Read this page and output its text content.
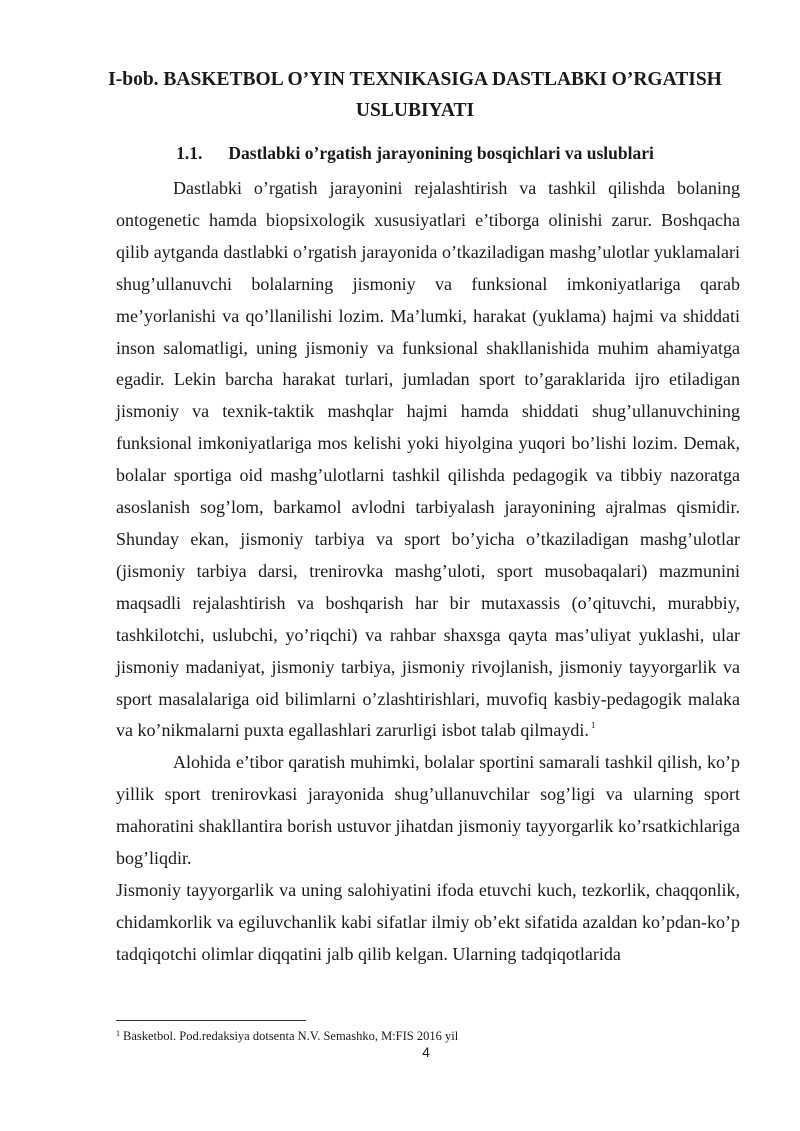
I-bob. BASKETBOL O’YIN TEXNIKASIGA DASTLABKI O’RGATISH
USLUBIYATI
1.1. Dastlabki o’rgatish jarayonining bosqichlari va uslublari

Dastlabki o’rgatish jarayonini rejalashtirish va tashkil qilishda bolaning ontogenetic hamda biopsixologik xususiyatlari e’tiborga olinishi zarur. Boshqacha qilib aytganda dastlabki o’rgatish jarayonida o’tkaziladigan mashg’ulotlar yuklamalari shug’ullanuvchi bolalarning jismoniy va funksional imkoniyatlariga qarab me’yorlanishi va qo’llanilishi lozim. Ma’lumki, harakat (yuklama) hajmi va shiddati inson salomatligi, uning jismoniy va funksional shakllanishida muhim ahamiyatga egadir. Lekin barcha harakat turlari, jumladan sport to’garaklarida ijro etiladigan jismoniy va texnik-taktik mashqlar hajmi hamda shiddati shug’ullanuvchining funksional imkoniyatlariga mos kelishi yoki hiyolgina yuqori bo’lishi lozim. Demak, bolalar sportiga oid mashg’ulotlarni tashkil qilishda pedagogik va tibbiy nazoratga asoslanish sog’lom, barkamol avlodni tarbiyalash jarayonining ajralmas qismidir. Shunday ekan, jismoniy tarbiya va sport bo’yicha o’tkaziladigan mashg’ulotlar (jismoniy tarbiya darsi, trenirovka mashg’uloti, sport musobaqalari) mazmunini maqsadli rejalashtirish va boshqarish har bir mutaxassis (o’qituvchi, murabbiy, tashkilotchi, uslubchi, yo’riqchi) va rahbar shaxsga qayta mas’uliyat yuklashi, ular jismoniy madaniyat, jismoniy tarbiya, jismoniy rivojlanish, jismoniy tayyorgarlik va sport masalalariga oid bilimlarni o’zlashtirishlari, muvofiq kasbiy-pedagogik malaka va ko’nikmalarni puxta egallashlari zarurligi isbot talab qilmaydi. $^1$

Alohida e’tibor qaratish muhimki, bolalar sportini samarali tashkil qilish, ko’p yillik sport trenirovkasi jarayonida shug’ullanuvchilar sog’ligi va ularning sport mahoratini shakllantira borish ustuvor jihatdan jismoniy tayyorgarlik ko’rsatkichlariga bog’liqdir.

Jismoniy tayyorgarlik va uning salohiyatini ifoda etuvchi kuch, tezkorlik, chaqqonlik, chidamkorlik va egiluvchanlik kabi sifatlar ilmiy ob’ekt sifatida azaldan ko’pdan-ko’p tadqiqotchi olimlar diqqatini jalb qilib kelgan. Ularning tadqiqotlarida

$^1$ Basketbol. Pod.redaksiya dotsenta N.V. Semashko, M:FIS 2016 yil
4
